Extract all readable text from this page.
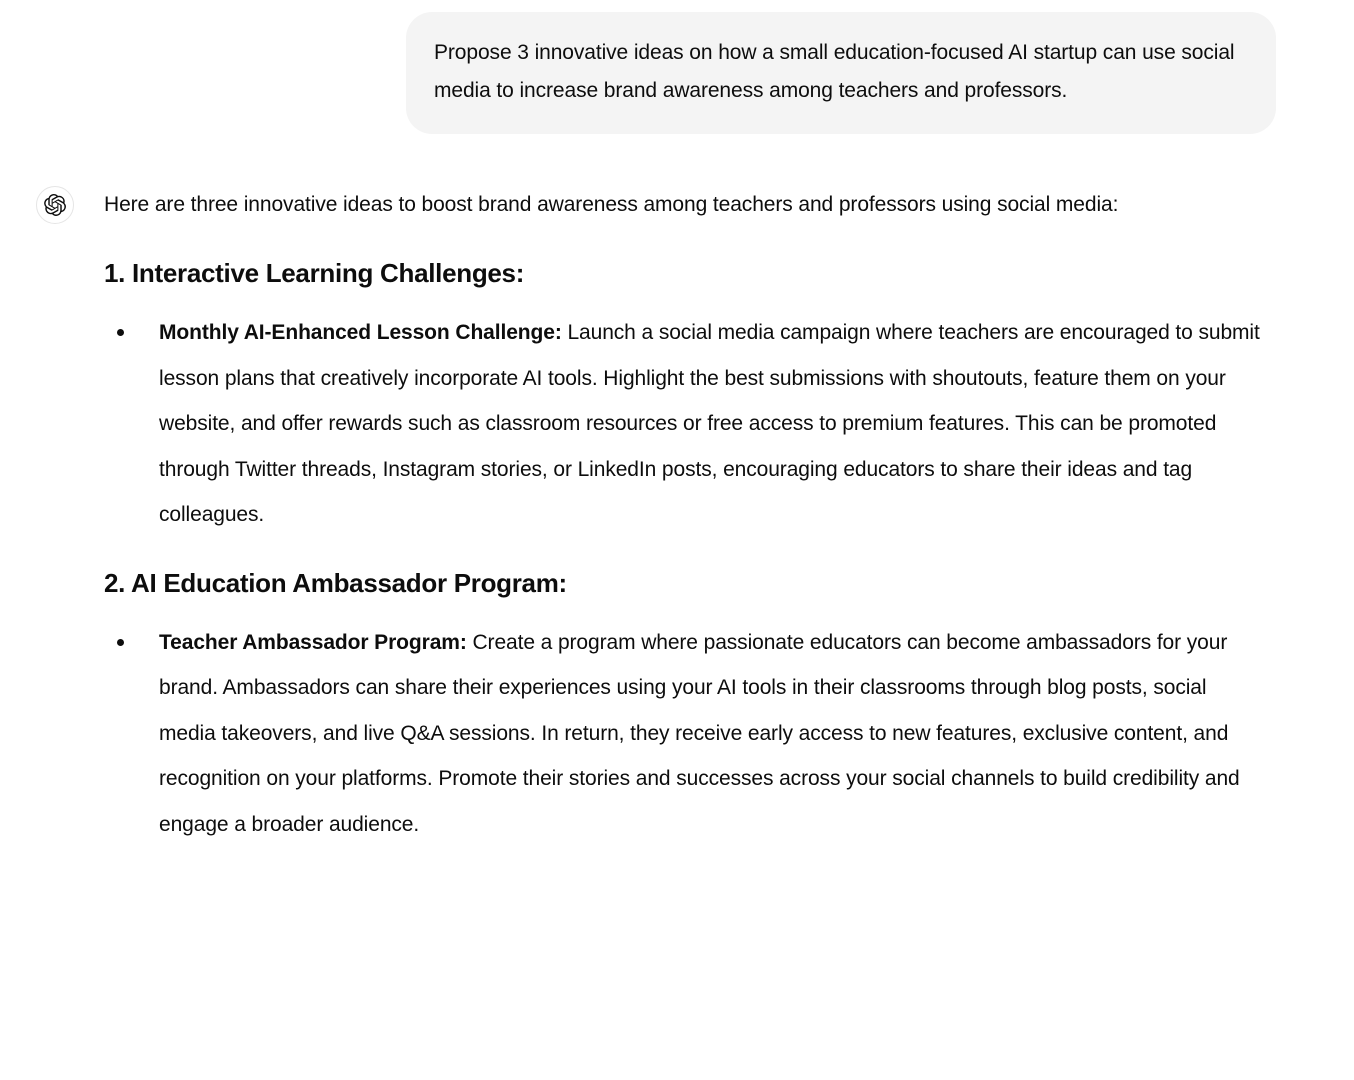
Propose 3 innovative ideas on how a small education-focused AI startup can use social media to increase brand awareness among teachers and professors.

Here are three innovative ideas to boost brand awareness among teachers and professors using social media:

1. Interactive Learning Challenges:
Monthly AI-Enhanced Lesson Challenge: Launch a social media campaign where teachers are encouraged to submit lesson plans that creatively incorporate AI tools. Highlight the best submissions with shoutouts, feature them on your website, and offer rewards such as classroom resources or free access to premium features. This can be promoted through Twitter threads, Instagram stories, or LinkedIn posts, encouraging educators to share their ideas and tag colleagues.
2. AI Education Ambassador Program:
Teacher Ambassador Program: Create a program where passionate educators can become ambassadors for your brand. Ambassadors can share their experiences using your AI tools in their classrooms through blog posts, social media takeovers, and live Q&A sessions. In return, they receive early access to new features, exclusive content, and recognition on your platforms. Promote their stories and successes across your social channels to build credibility and engage a broader audience.
